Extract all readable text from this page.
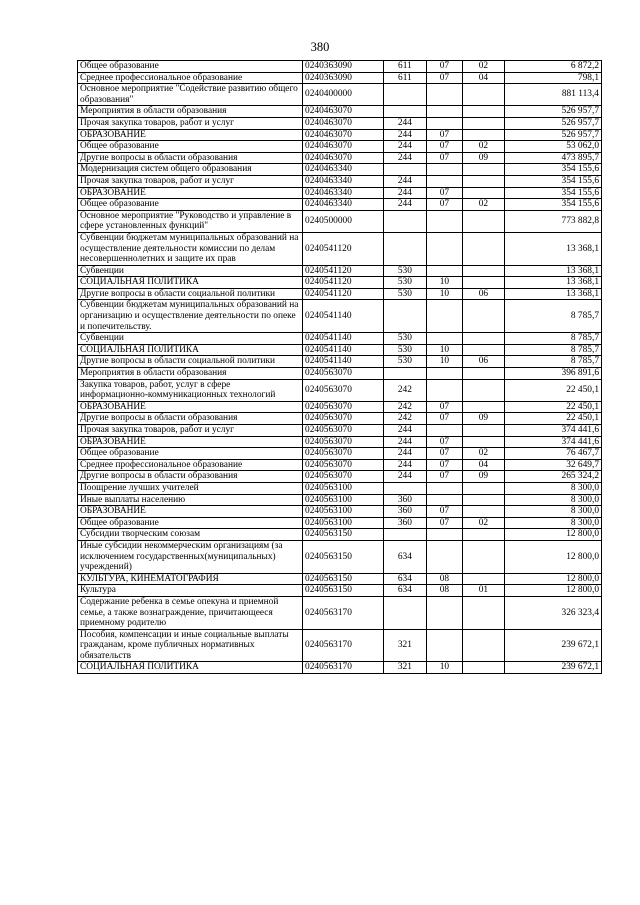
380
Общее образование	0240363090	611	07	02	6 872,2
Среднее профессиональное образование	0240363090	611	07	04	798,1
Основное мероприятие "Содействие развитию общего образования"	0240400000				881 113,4
Мероприятия в области образования	0240463070				526 957,7
Прочая закупка товаров, работ и услуг	0240463070	244			526 957,7
ОБРАЗОВАНИЕ	0240463070	244	07		526 957,7
Общее образование	0240463070	244	07	02	53 062,0
Другие вопросы в области образования	0240463070	244	07	09	473 895,7
Модернизация систем общего образования	0240463340				354 155,6
Прочая закупка товаров, работ и услуг	0240463340	244			354 155,6
ОБРАЗОВАНИЕ	0240463340	244	07		354 155,6
Общее образование	0240463340	244	07	02	354 155,6
Основное мероприятие "Руководство и управление в сфере установленных функций"	0240500000				773 882,8
Субвенции бюджетам муниципальных образований на осуществление деятельности комиссии по делам несовершеннолетних и защите их прав	0240541120				13 368,1
Субвенции	0240541120	530			13 368,1
СОЦИАЛЬНАЯ ПОЛИТИКА	0240541120	530	10		13 368,1
Другие вопросы в области социальной политики	0240541120	530	10	06	13 368,1
Субвенции бюджетам муниципальных образований на организацию и осуществление деятельности по опеке и попечительству.	0240541140				8 785,7
Субвенции	0240541140	530			8 785,7
СОЦИАЛЬНАЯ ПОЛИТИКА	0240541140	530	10		8 785,7
Другие вопросы в области социальной политики	0240541140	530	10	06	8 785,7
Мероприятия в области образования	0240563070				396 891,6
Закупка товаров, работ, услуг в сфере информационно-коммуникационных технологий	0240563070	242			22 450,1
ОБРАЗОВАНИЕ	0240563070	242	07		22 450,1
Другие вопросы в области образования	0240563070	242	07	09	22 450,1
Прочая закупка товаров, работ и услуг	0240563070	244			374 441,6
ОБРАЗОВАНИЕ	0240563070	244	07		374 441,6
Общее образование	0240563070	244	07	02	76 467,7
Среднее профессиональное образование	0240563070	244	07	04	32 649,7
Другие вопросы в области образования	0240563070	244	07	09	265 324,2
Поощрение лучших учителей	0240563100				8 300,0
Иные выплаты населению	0240563100	360			8 300,0
ОБРАЗОВАНИЕ	0240563100	360	07		8 300,0
Общее образование	0240563100	360	07	02	8 300,0
Субсидии творческим союзам	0240563150				12 800,0
Иные субсидии некоммерческим организациям (за исключением государственных(муниципальных) учреждений)	0240563150	634			12 800,0
КУЛЬТУРА, КИНЕМАТОГРАФИЯ	0240563150	634	08		12 800,0
Культура	0240563150	634	08	01	12 800,0
Содержание ребенка в семье опекуна и приемной семье, а также вознаграждение, причитающееся приемному родителю	0240563170				326 323,4
Пособия, компенсации и иные социальные выплаты гражданам, кроме публичных нормативных обязательств	0240563170	321			239 672,1
СОЦИАЛЬНАЯ ПОЛИТИКА	0240563170	321	10		239 672,1
